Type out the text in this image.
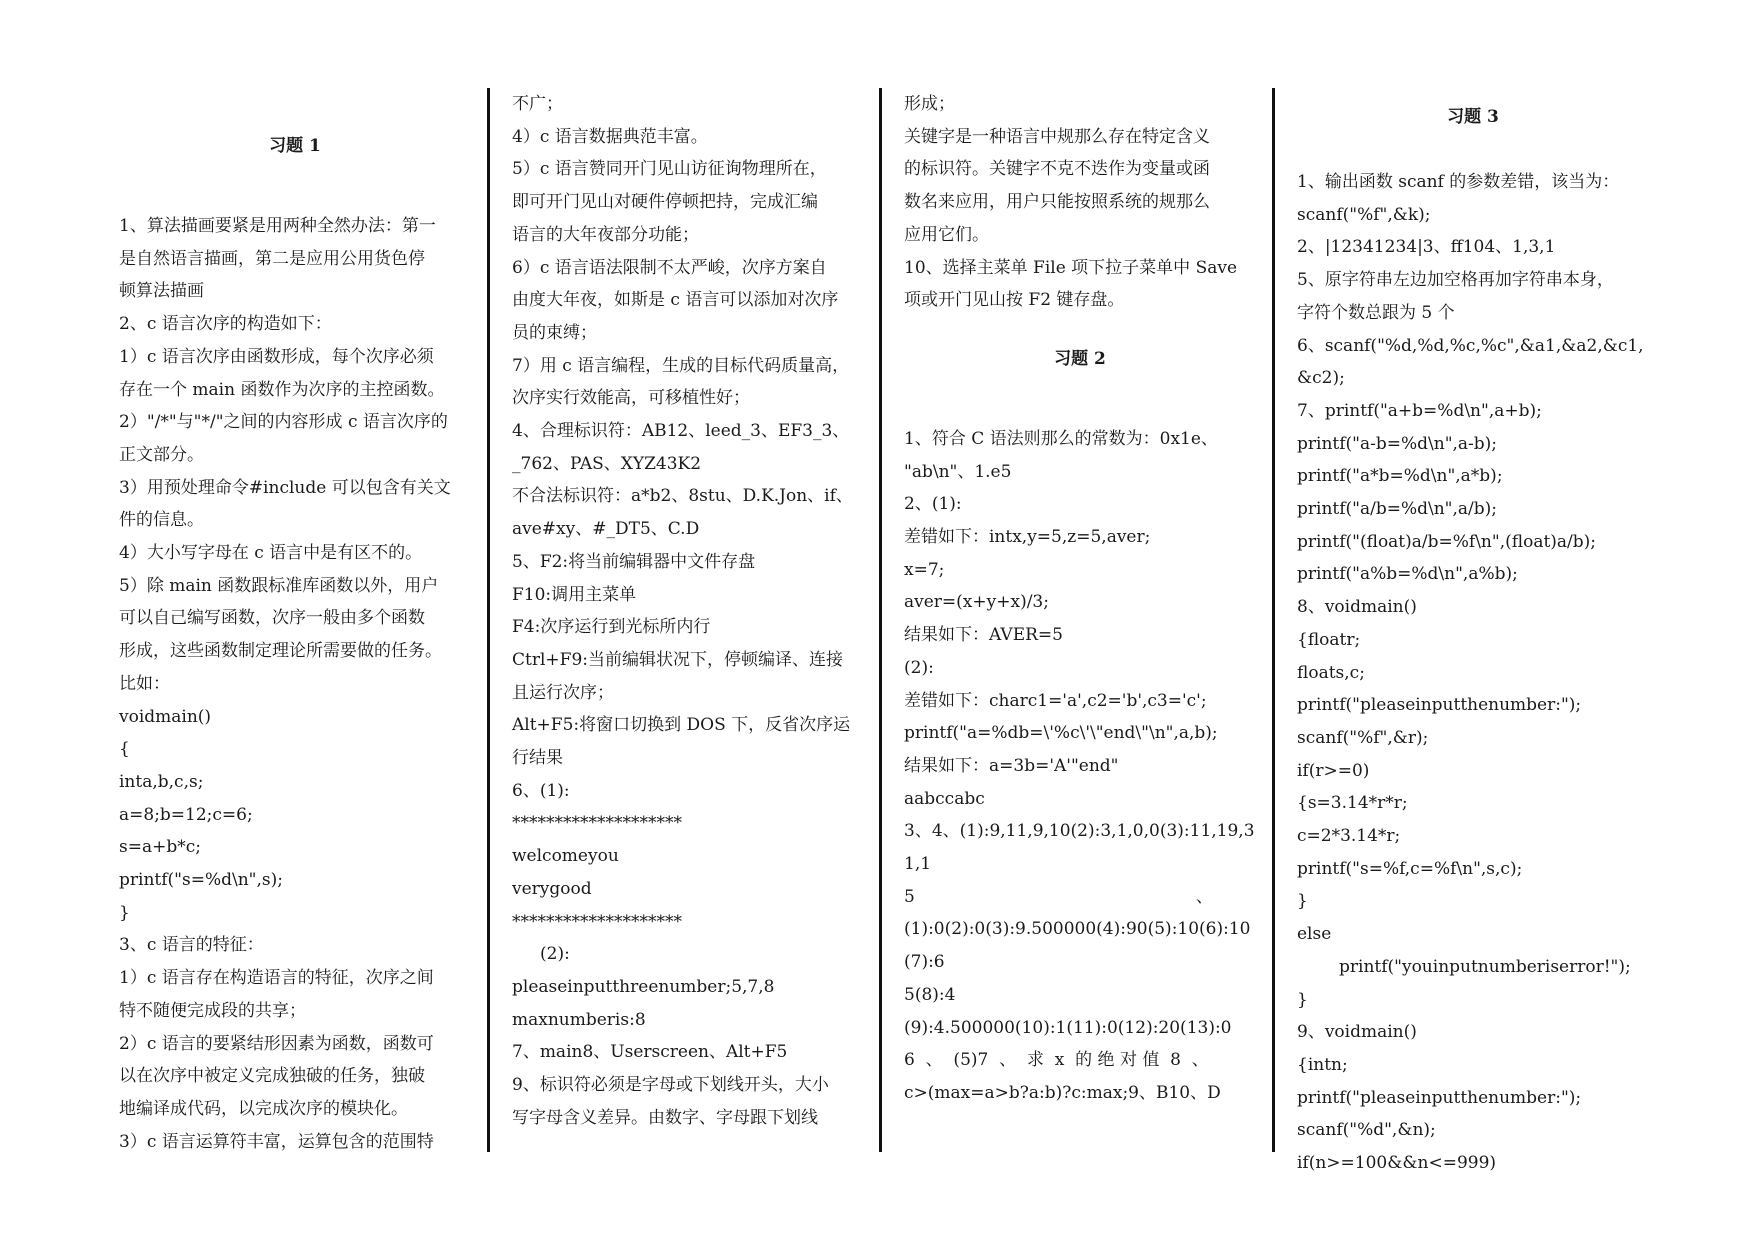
习题 1
1、算法描画要紧是用两种全然办法：第一
是自然语言描画，第二是应用公用货色停
顿算法描画
2、c 语言次序的构造如下：
1）c 语言次序由函数形成，每个次序必须
存在一个 main 函数作为次序的主控函数。
2）"/*"与"*/"之间的内容形成 c 语言次序的
正文部分。
3）用预处理命令#include 可以包含有关文
件的信息。
4）大小写字母在 c 语言中是有区不的。
5）除 main 函数跟标准库函数以外，用户
可以自己编写函数，次序一般由多个函数
形成，这些函数制定理论所需要做的任务。
比如：
voidmain()
{
inta,b,c,s;
a=8;b=12;c=6;
s=a+b*c;
printf("s=%d\n",s);
}
3、c 语言的特征：
1）c 语言存在构造语言的特征，次序之间
特不随便完成段的共享；
2）c 语言的要紧结形因素为函数，函数可
以在次序中被定义完成独破的任务，独破
地编译成代码，以完成次序的模块化。
3）c 语言运算符丰富，运算包含的范围特
不广；
4）c 语言数据典范丰富。
5）c 语言赞同开门见山访征询物理所在，
即可开门见山对硬件停顿把持，完成汇编
语言的大年夜部分功能；
6）c 语言语法限制不太严峻，次序方案自
由度大年夜，如斯是 c 语言可以添加对次序
员的束缚；
7）用 c 语言编程，生成的目标代码质量高，
次序实行效能高，可移植性好；
4、合理标识符：AB12、leed_3、EF3_3、
_762、PAS、XYZ43K2
不合法标识符：a*b2、8stu、D.K.Jon、if、
ave#xy、#_DT5、C.D
5、F2:将当前编辑器中文件存盘
F10:调用主菜单
F4:次序运行到光标所内行
Ctrl+F9:当前编辑状况下，停顿编译、连接
且运行次序；
Alt+F5:将窗口切换到 DOS 下，反省次序运
行结果
6、(1):
********************
welcomeyou
verygood
********************
(2):
pleaseinputthreenumber;5,7,8
maxnumberis:8
7、main8、Userscreen、Alt+F5
9、标识符必须是字母或下划线开头，大小
写字母含义差异。由数字、字母跟下划线
形成；
关键字是一种语言中规那么存在特定含义
的标识符。关键字不克不迭作为变量或函
数名来应用，用户只能按照系统的规那么
应用它们。
10、选择主菜单 File 项下拉子菜单中 Save
项或开门见山按 F2 键存盘。
习题 2
1、符合 C 语法则那么的常数为：0x1e、
"ab\n"、1.e5
2、(1):
差错如下：intx,y=5,z=5,aver;
x=7;
aver=(x+y+x)/3;
结果如下：AVER=5
(2):
差错如下：charc1='a',c2='b',c3='c';
printf("a=%db=\'%c\'\"end\"\n",a,b);
结果如下：a=3b='A'"end"
aabccabc
3、4、(1):9,11,9,10(2):3,1,0,0(3):11,19,31,1
5                                                    、
(1):0(2):0(3):9.500000(4):90(5):10(6):10(7):6
5(8):4
(9):4.500000(10):1(11):0(12):20(13):0
6  、  (5)7  、  求  x  的 绝 对 值  8  、
c>(max=a>b?a:b)?c:max;9、B10、D
习题 3
1、输出函数 scanf 的参数差错，该当为：
scanf("%f",&k);
2、|12341234|3、ff104、1,3,1
5、原字符串左边加空格再加字符串本身，
字符个数总跟为 5 个
6、scanf("%d,%d,%c,%c",&a1,&a2,&c1,&c2);
7、printf("a+b=%d\n",a+b);
printf("a-b=%d\n",a-b);
printf("a*b=%d\n",a*b);
printf("a/b=%d\n",a/b);
printf("(float)a/b=%f\n",(float)a/b);
printf("a%b=%d\n",a%b);
8、voidmain()
{floatr;
floats,c;
printf("pleaseinputthenumber:");
scanf("%f",&r);
if(r>=0)
{s=3.14*r*r;
c=2*3.14*r;
printf("s=%f,c=%f\n",s,c);
}
else
printf("youinputnumberiserror!");
}
9、voidmain()
{intn;
printf("pleaseinputthenumber:");
scanf("%d",&n);
if(n>=100&&n<=999)
